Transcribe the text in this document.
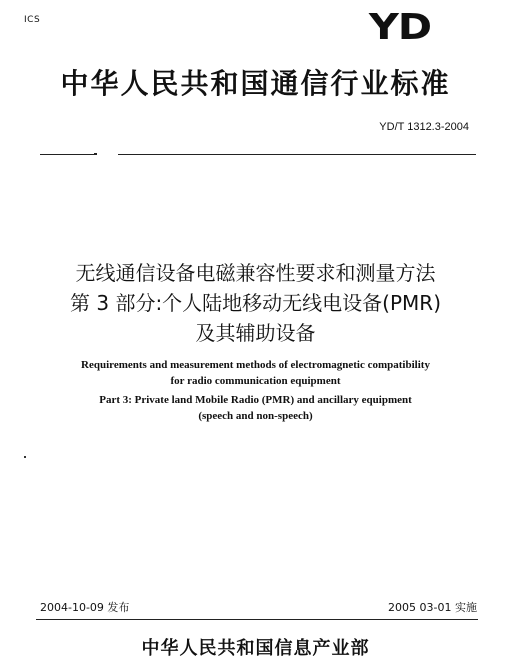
ICS	YD
中华人民共和国通信行业标准
YD/T 1312.3-2004
无线通信设备电磁兼容性要求和测量方法
第 3 部分:个人陆地移动无线电设备(PMR)
及其辅助设备
Requirements and measurement methods of electromagnetic compatibility
for radio communication equipment
Part 3: Private land Mobile Radio (PMR) and ancillary equipment
(speech and non-speech)
2004-10-09 发布	2005 03-01 实施
中华人民共和国信息产业部
